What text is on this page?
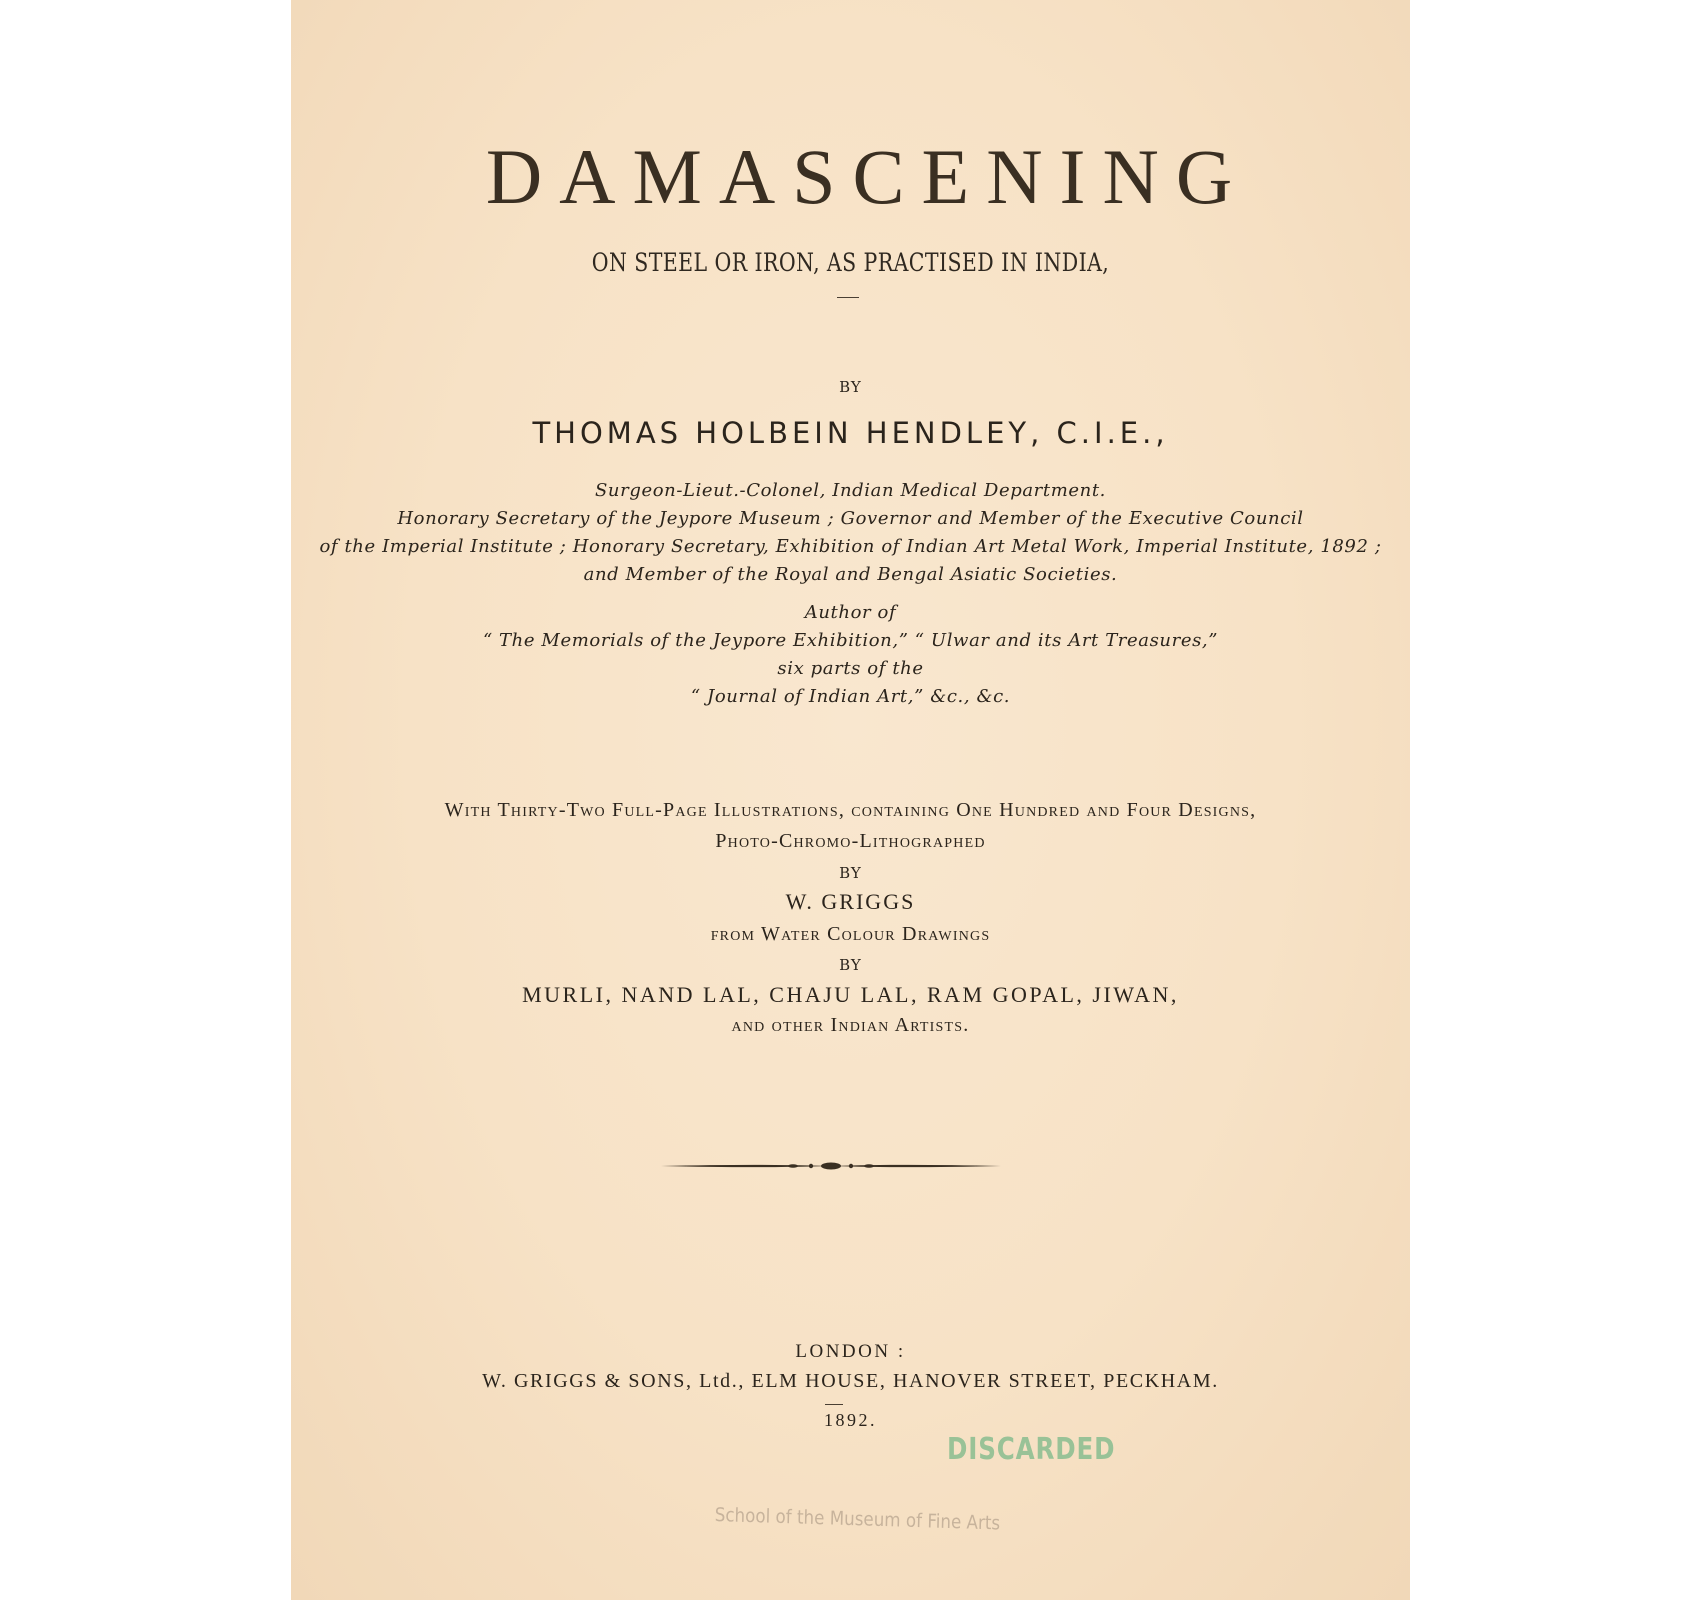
DAMASCENING
ON STEEL OR IRON, AS PRACTISED IN INDIA,
BY
THOMAS HOLBEIN HENDLEY, C.I.E.,
Surgeon-Lieut.-Colonel, Indian Medical Department.
Honorary Secretary of the Jeypore Museum ; Governor and Member of the Executive Council
of the Imperial Institute ; Honorary Secretary, Exhibition of Indian Art Metal Work, Imperial Institute, 1892 ;
and Member of the Royal and Bengal Asiatic Societies.
Author of
“ The Memorials of the Jeypore Exhibition,” “ Ulwar and its Art Treasures,”
six parts of the
“ Journal of Indian Art,” &c., &c.
With Thirty-Two Full-Page Illustrations, containing One Hundred and Four Designs,
Photo-Chromo-Lithographed
BY
W. GRIGGS
from Water Colour Drawings
BY
MURLI, NAND LAL, CHAJU LAL, RAM GOPAL, JIWAN,
and other Indian Artists.
LONDON :
W. GRIGGS & SONS, Ltd., ELM HOUSE, HANOVER STREET, PECKHAM.
1892.
DISCARDED
School of the Museum of Fine Arts
